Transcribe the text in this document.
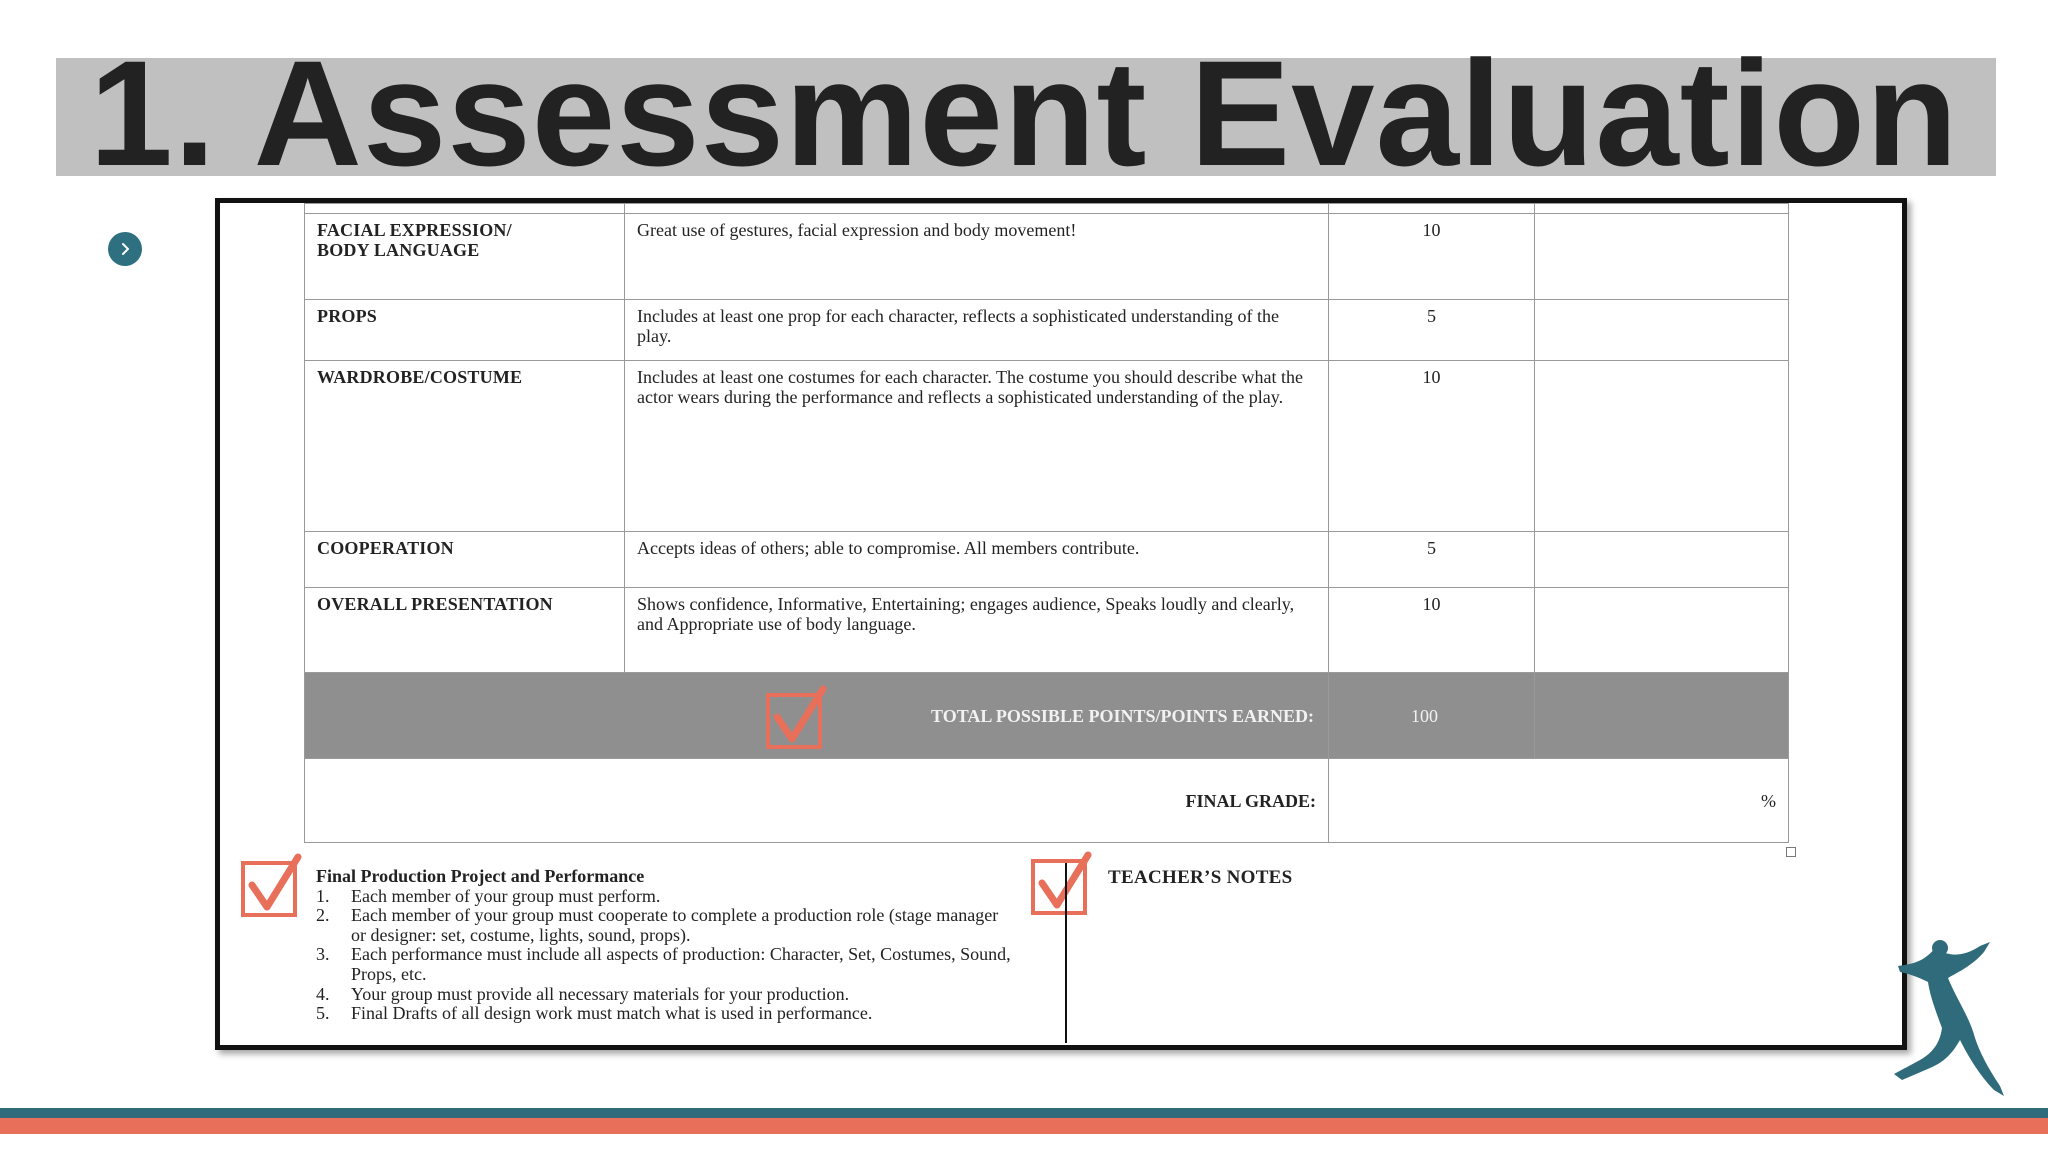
1. Assessment Evaluation

FACIAL EXPRESSION/
BODY LANGUAGE	Great use of gestures, facial expression and body movement!	10	
PROPS	Includes at least one prop for each character, reflects a sophisticated understanding of the play.	5	
WARDROBE/COSTUME	Includes at least one costumes for each character. The costume you should describe what the actor wears during the performance and reflects a sophisticated understanding of the play.	10	
COOPERATION	Accepts ideas of others; able to compromise. All members contribute.	5	
OVERALL PRESENTATION	Shows confidence, Informative, Entertaining; engages audience, Speaks loudly and clearly, and Appropriate use of body language.	10	

TOTAL POSSIBLE POINTS/POINTS EARNED:		100	
FINAL GRADE:		%	
Final Production Project and Performance
1. Each member of your group must perform.
2. Each member of your group must cooperate to complete a production role (stage manager or designer: set, costume, lights, sound, props).
3. Each performance must include all aspects of production: Character, Set, Costumes, Sound, Props, etc.
4. Your group must provide all necessary materials for your production.
5. Final Drafts of all design work must match what is used in performance.
TEACHER’S NOTES
